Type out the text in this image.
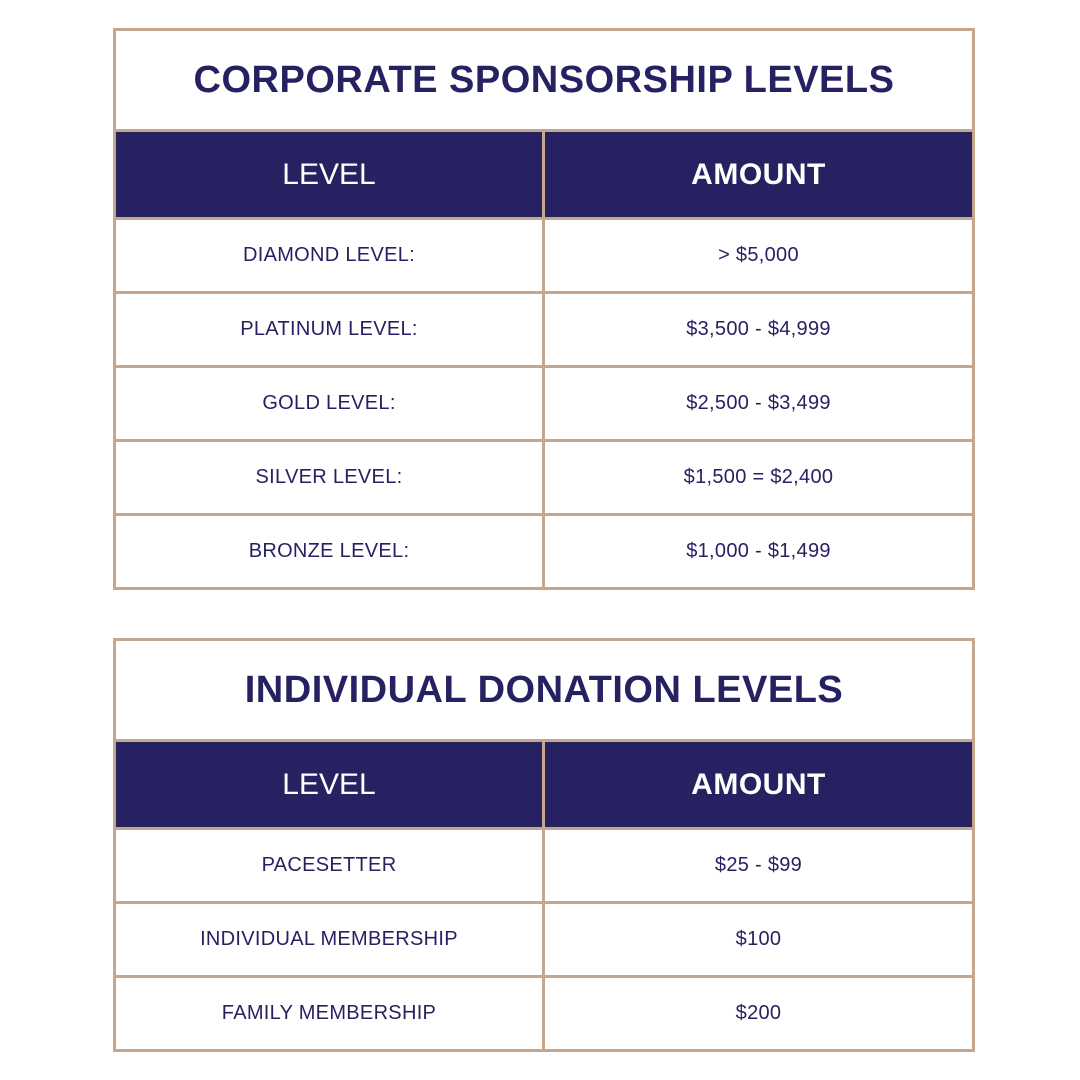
CORPORATE SPONSORSHIP LEVELS	
LEVEL	AMOUNT
DIAMOND LEVEL:	> $5,000
PLATINUM LEVEL:	$3,500 - $4,999
GOLD LEVEL:	$2,500 - $3,499
SILVER LEVEL:	$1,500 = $2,400
BRONZE LEVEL:	$1,000 - $1,499
INDIVIDUAL DONATION LEVELS	
LEVEL	AMOUNT
PACESETTER	$25 - $99
INDIVIDUAL MEMBERSHIP	$100
FAMILY MEMBERSHIP	$200
